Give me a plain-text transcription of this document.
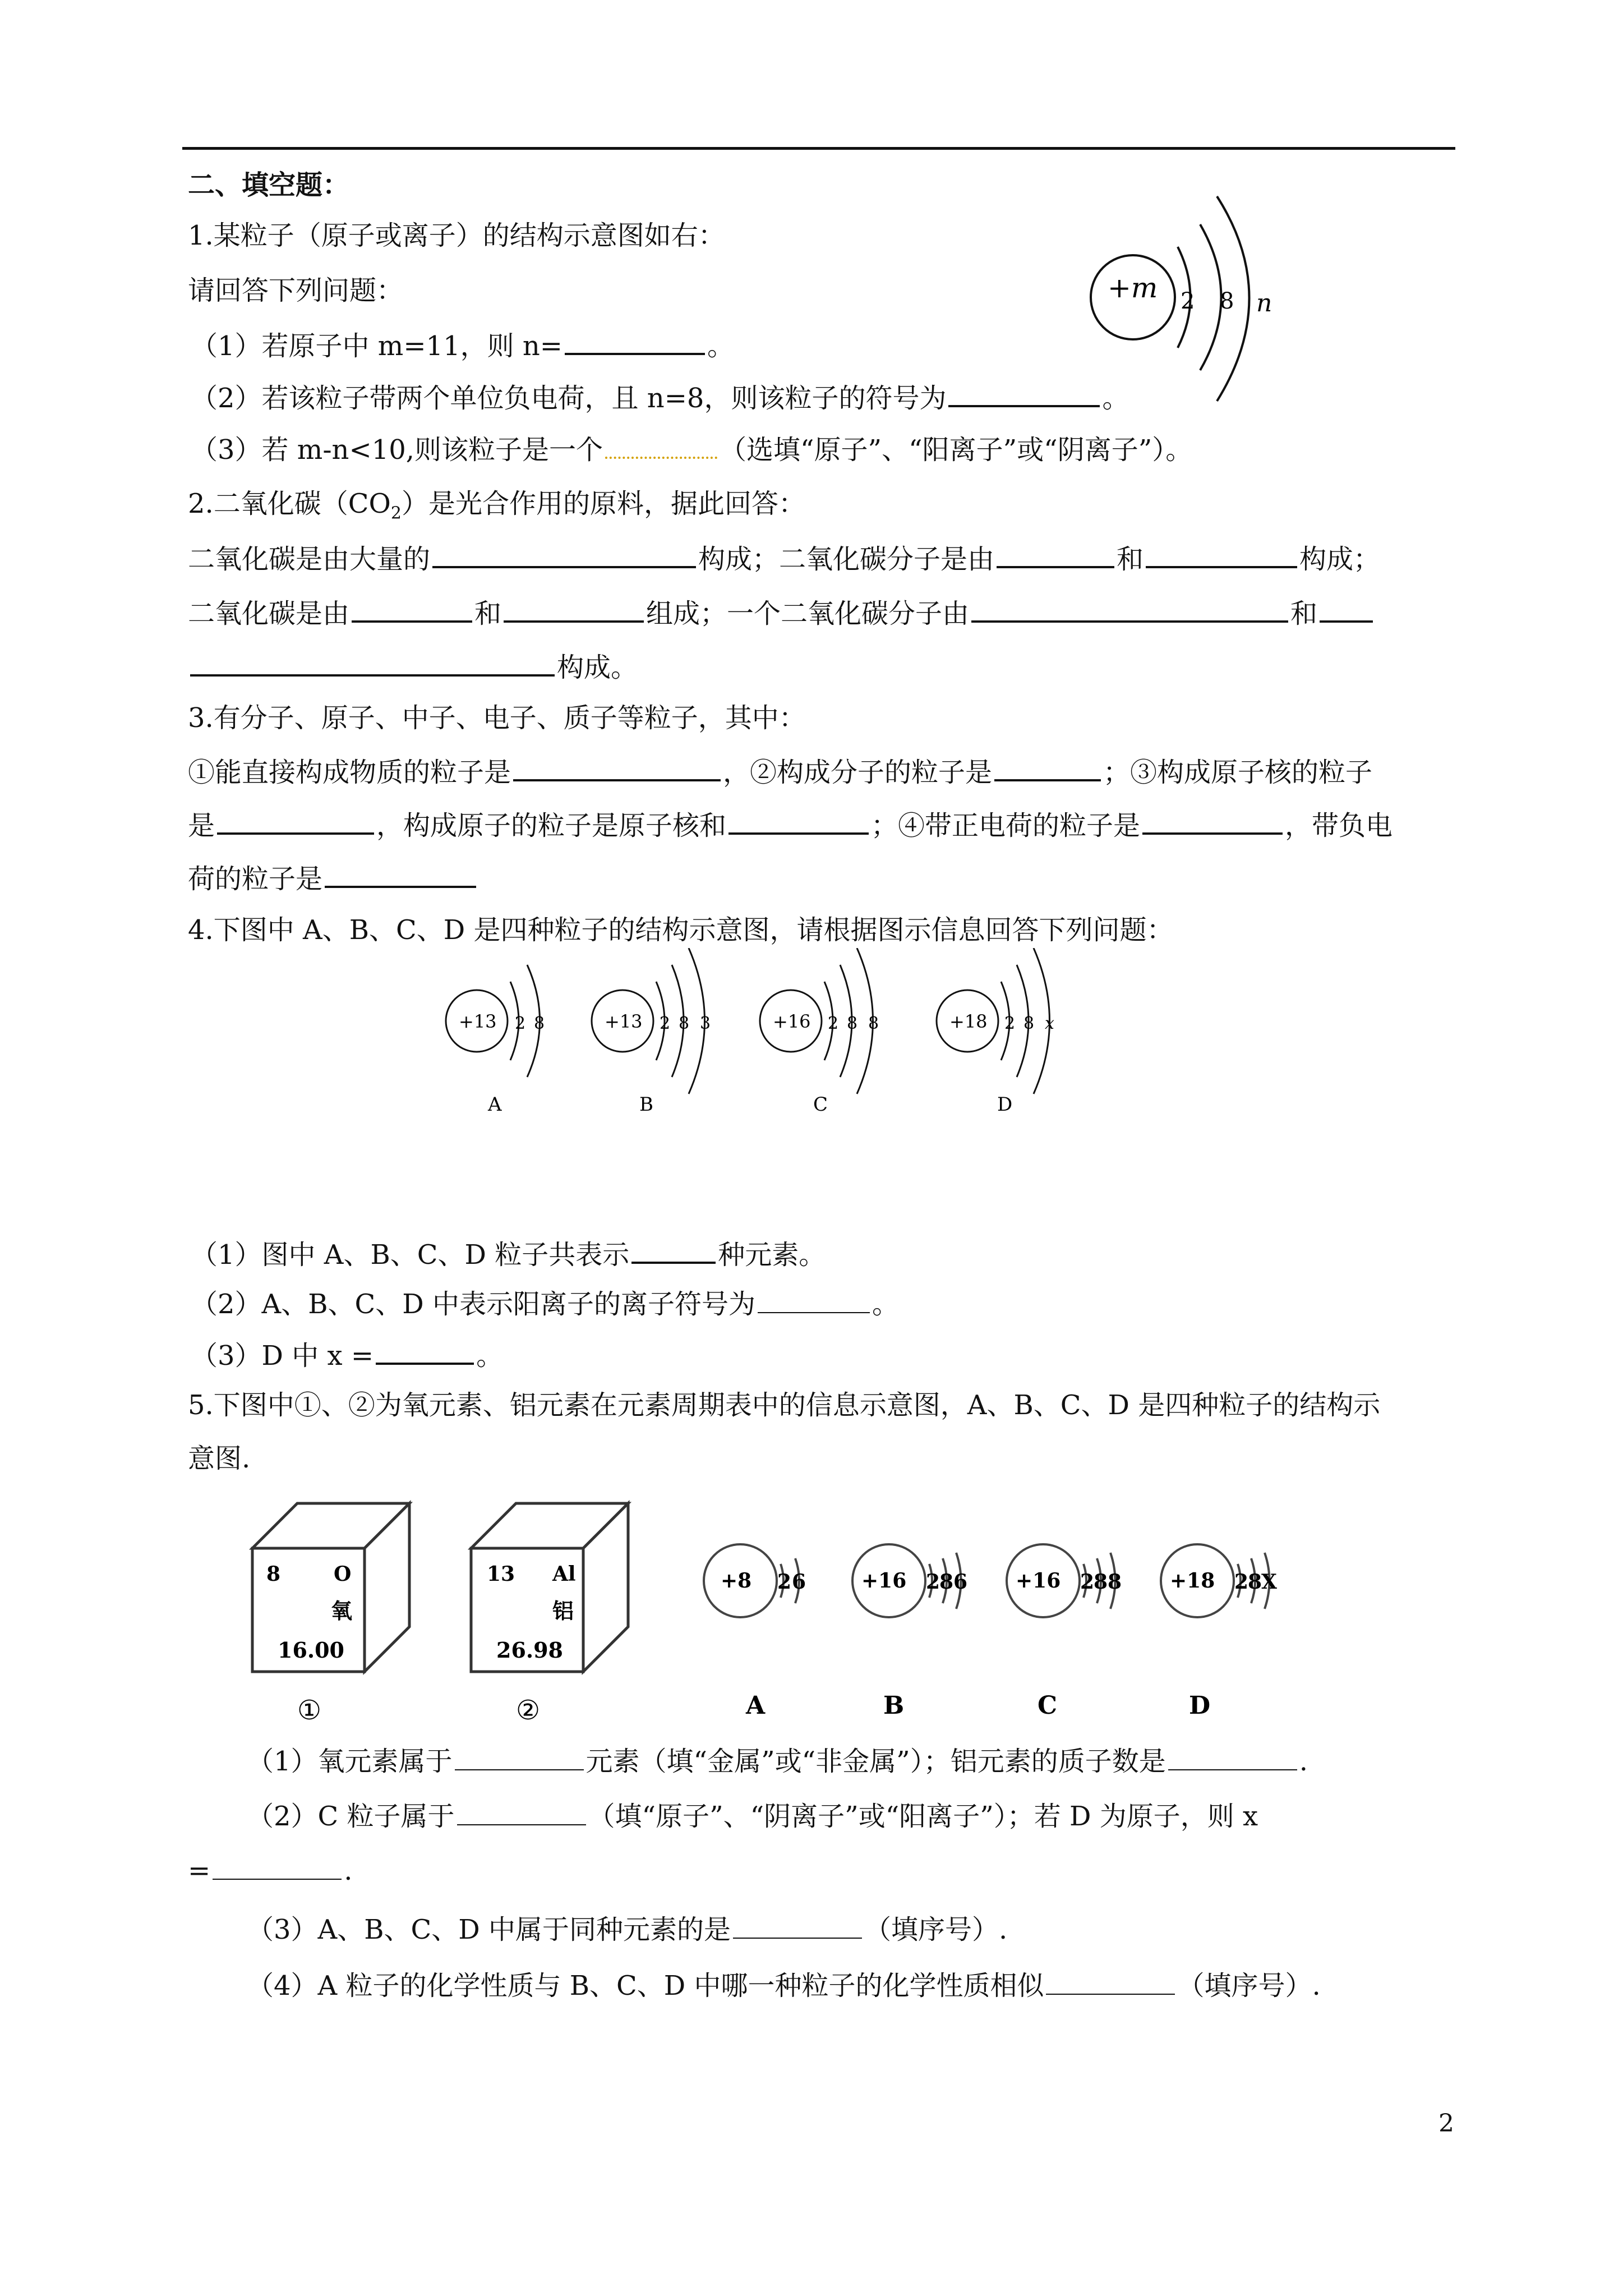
二、填空题：
1.某粒子（原子或离子）的结构示意图如右：
请回答下列问题：
（1）若原子中 m=11，则 n=	。
（2）若该粒子带两个单位负电荷，且 n=8，则该粒子的符号为	。
（3）若 m-n<10,则该粒子是一个	（选填“原子”、“阳离子”或“阴离子”）。
+m 2 8 n
2.二氧化碳$(CO_2)$是光合作用的原料，据此回答：
二氧化碳是由大量的	构成；二氧化碳分子是由	和	构成；
二氧化碳是由	和	组成；一个二氧化碳分子由	和
构成。
3.有分子、原子、中子、电子、质子等粒子，其中：
①能直接构成物质的粒子是	，②构成分子的粒子是	；③构成原子核的粒子
是	，构成原子的粒子是原子核和	；④带正电荷的粒子是	，带负电
荷的粒子是
4.下图中 A、B、C、D 是四种粒子的结构示意图，请根据图示信息回答下列问题：
+13 2 8
A
+13 2 8 3
B
+16 2 8 8
C
+18 2 8 x
D
（1）图中 A、B、C、D 粒子共表示	种元素。
（2）A、B、C、D 中表示阳离子的离子符号为	。
（3）D 中 x =	。
5.下图中①、②为氧元素、铝元素在元素周期表中的信息示意图，A、B、C、D 是四种粒子的结构示
意图.
8	O
氧
16.00
①
13 Al
铝
26.98
②
+8 2 6
A
+16 2
8 6
B
+16 2
8 8
C
+18 2
8
X
D
（1）氧元素属于	元素（填“金属”或“非金属”）；铝元素的质子数是	.
（2）C 粒子属于	（填“原子”、“阴离子”或“阳离子”）；若 D 为原子，则 x
=	.
（3）A、B、C、D 中属于同种元素的是	（填序号）.
（4）A 粒子的化学性质与 B、C、D 中哪一种粒子的化学性质相似	（填序号）.
2
